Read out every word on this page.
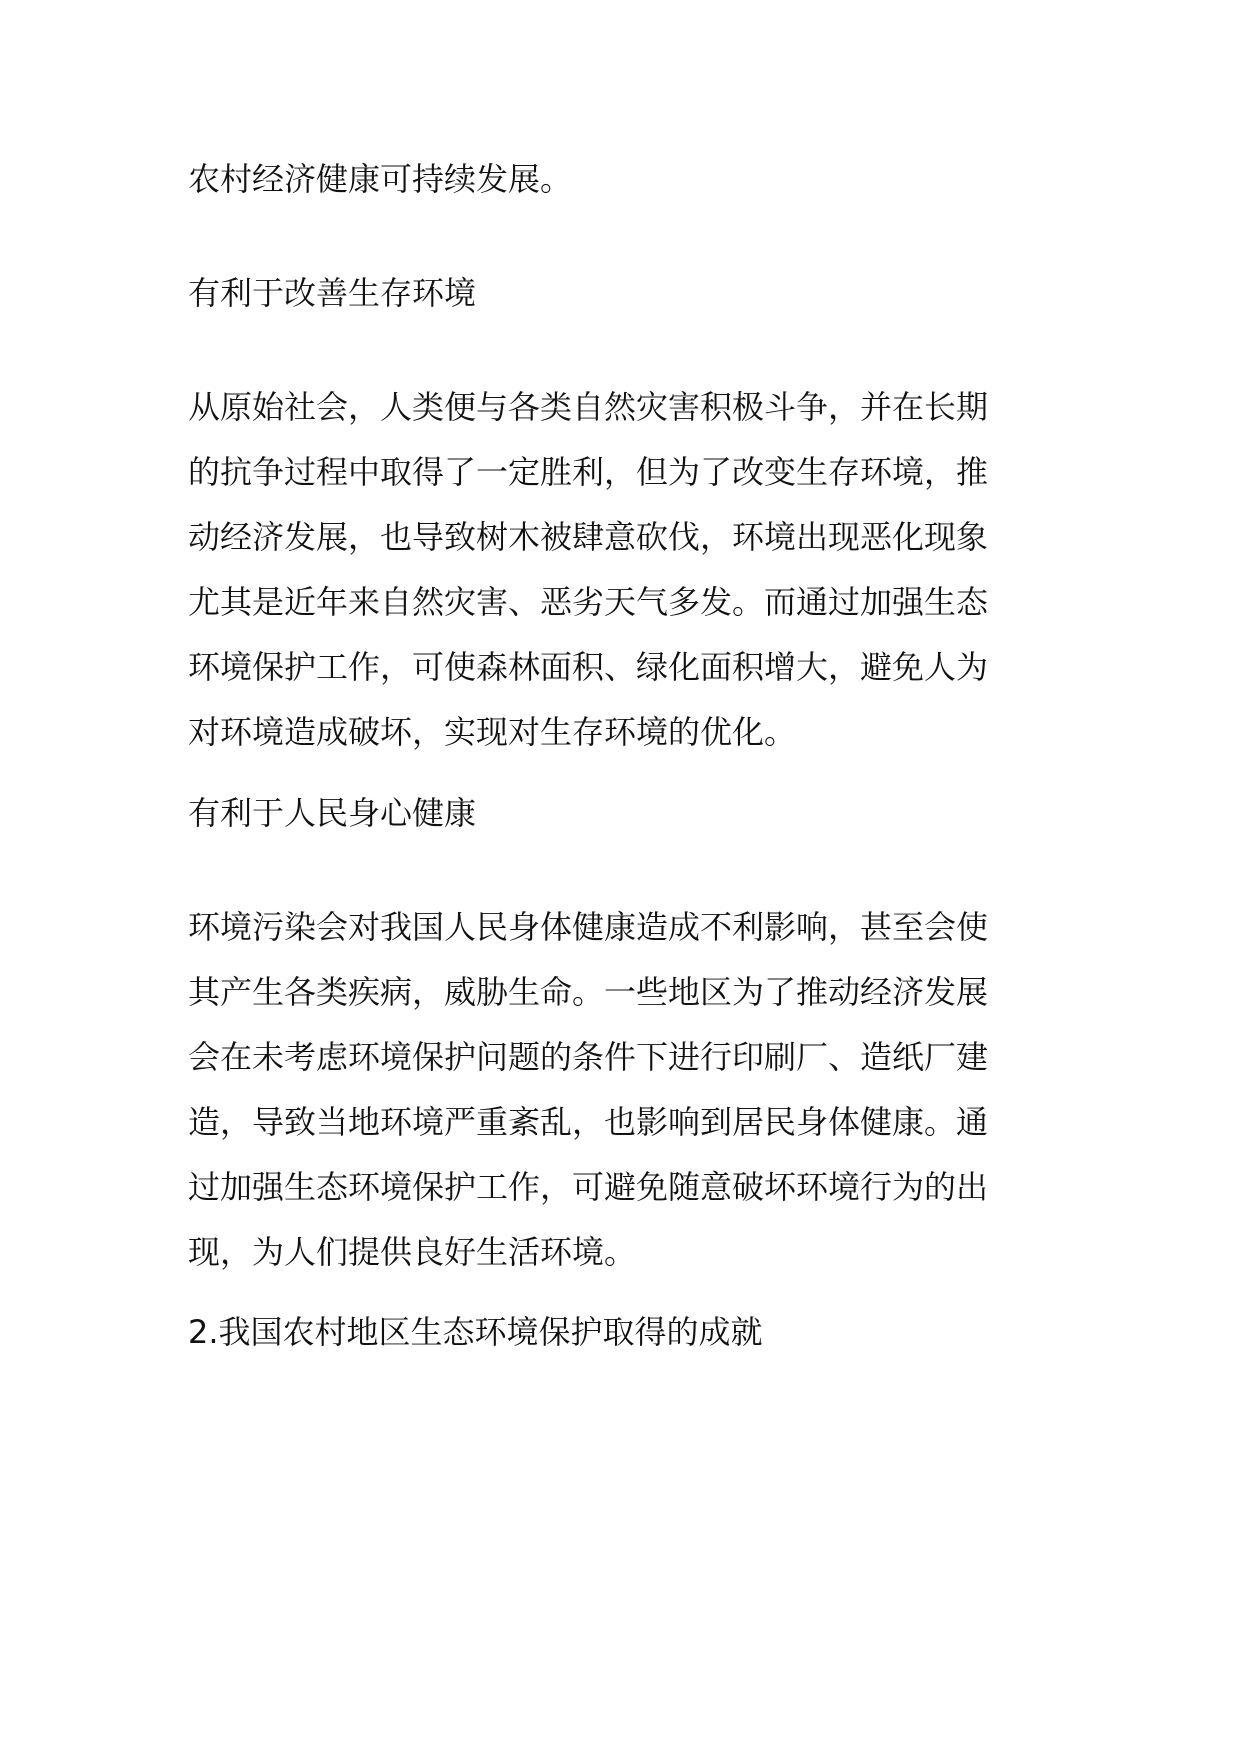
农村经济健康可持续发展。

有利于改善生存环境

从原始社会，人类便与各类自然灾害积极斗争，并在长期
的抗争过程中取得了一定胜利，但为了改变生存环境，推
动经济发展，也导致树木被肆意砍伐，环境出现恶化现象
尤其是近年来自然灾害、恶劣天气多发。而通过加强生态
环境保护工作，可使森林面积、绿化面积增大，避免人为
对环境造成破坏，实现对生存环境的优化。

有利于人民身心健康

环境污染会对我国人民身体健康造成不利影响，甚至会使
其产生各类疾病，威胁生命。一些地区为了推动经济发展
会在未考虑环境保护问题的条件下进行印刷厂、造纸厂建
造，导致当地环境严重紊乱，也影响到居民身体健康。通
过加强生态环境保护工作，可避免随意破坏环境行为的出
现，为人们提供良好生活环境。

2.我国农村地区生态环境保护取得的成就
